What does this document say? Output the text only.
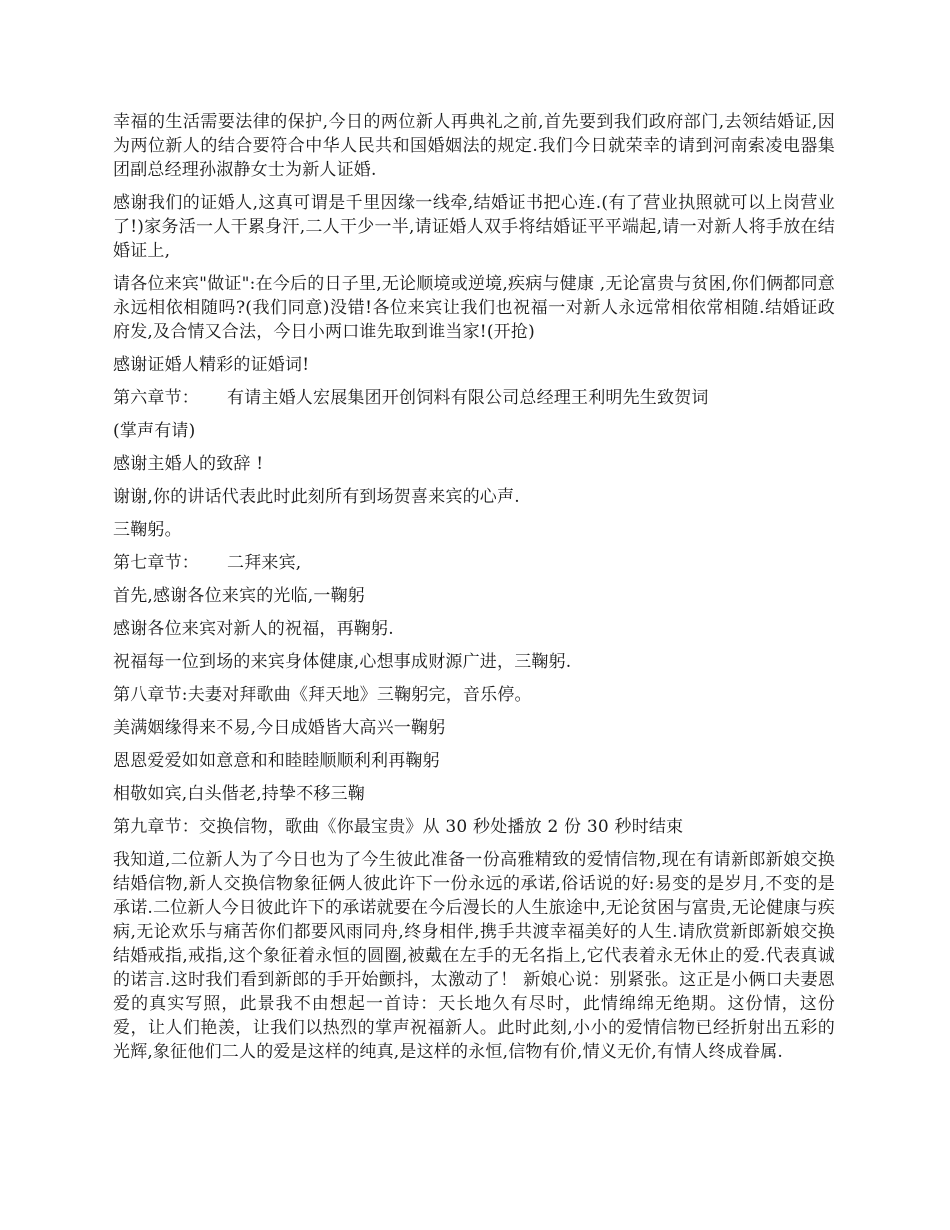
幸福的生活需要法律的保护,今日的两位新人再典礼之前,首先要到我们政府部门,去领结婚证,因为两位新人的结合要符合中华人民共和国婚姻法的规定.我们今日就荣幸的请到河南索凌电器集团副总经理孙淑静女士为新人证婚.

感谢我们的证婚人,这真可谓是千里因缘一线牵,结婚证书把心连.(有了营业执照就可以上岗营业了!)家务活一人干累身汗,二人干少一半,请证婚人双手将结婚证平平端起,请一对新人将手放在结婚证上,

请各位来宾"做证":在今后的日子里,无论顺境或逆境,疾病与健康 ,无论富贵与贫困,你们俩都同意永远相依相随吗?(我们同意)没错!各位来宾让我们也祝福一对新人永远常相依常相随.结婚证政府发,及合情又合法，今日小两口谁先取到谁当家!(开抢)

感谢证婚人精彩的证婚词!

第六章节： 有请主婚人宏展集团开创饲料有限公司总经理王利明先生致贺词

(掌声有请)

感谢主婚人的致辞 !

谢谢,你的讲话代表此时此刻所有到场贺喜来宾的心声.

三鞠躬。

第七章节： 二拜来宾,

首先,感谢各位来宾的光临,一鞠躬

感谢各位来宾对新人的祝福，再鞠躬.

祝福每一位到场的来宾身体健康,心想事成财源广进，三鞠躬.

第八章节:夫妻对拜歌曲《拜天地》三鞠躬完，音乐停。

美满姻缘得来不易,今日成婚皆大高兴一鞠躬

恩恩爱爱如如意意和和睦睦顺顺利利再鞠躬

相敬如宾,白头偕老,持挚不移三鞠

第九章节：交换信物，歌曲《你最宝贵》从 30 秒处播放 2 份 30 秒时结束

我知道,二位新人为了今日也为了今生彼此准备一份高雅精致的爱情信物,现在有请新郎新娘交换结婚信物,新人交换信物象征俩人彼此许下一份永远的承诺,俗话说的好:易变的是岁月,不变的是承诺.二位新人今日彼此许下的承诺就要在今后漫长的人生旅途中,无论贫困与富贵,无论健康与疾病,无论欢乐与痛苦你们都要风雨同舟,终身相伴,携手共渡幸福美好的人生.请欣赏新郎新娘交换结婚戒指,戒指,这个象征着永恒的圆圈,被戴在左手的无名指上,它代表着永无休止的爱.代表真诚的诺言.这时我们看到新郎的手开始颤抖，太激动了！ 新娘心说：别紧张。这正是小俩口夫妻恩爱的真实写照，此景我不由想起一首诗：天长地久有尽时，此情绵绵无绝期。这份情，这份爱，让人们艳羡，让我们以热烈的掌声祝福新人。此时此刻,小小的爱情信物已经折射出五彩的光辉,象征他们二人的爱是这样的纯真,是这样的永恒,信物有价,情义无价,有情人终成眷属.
